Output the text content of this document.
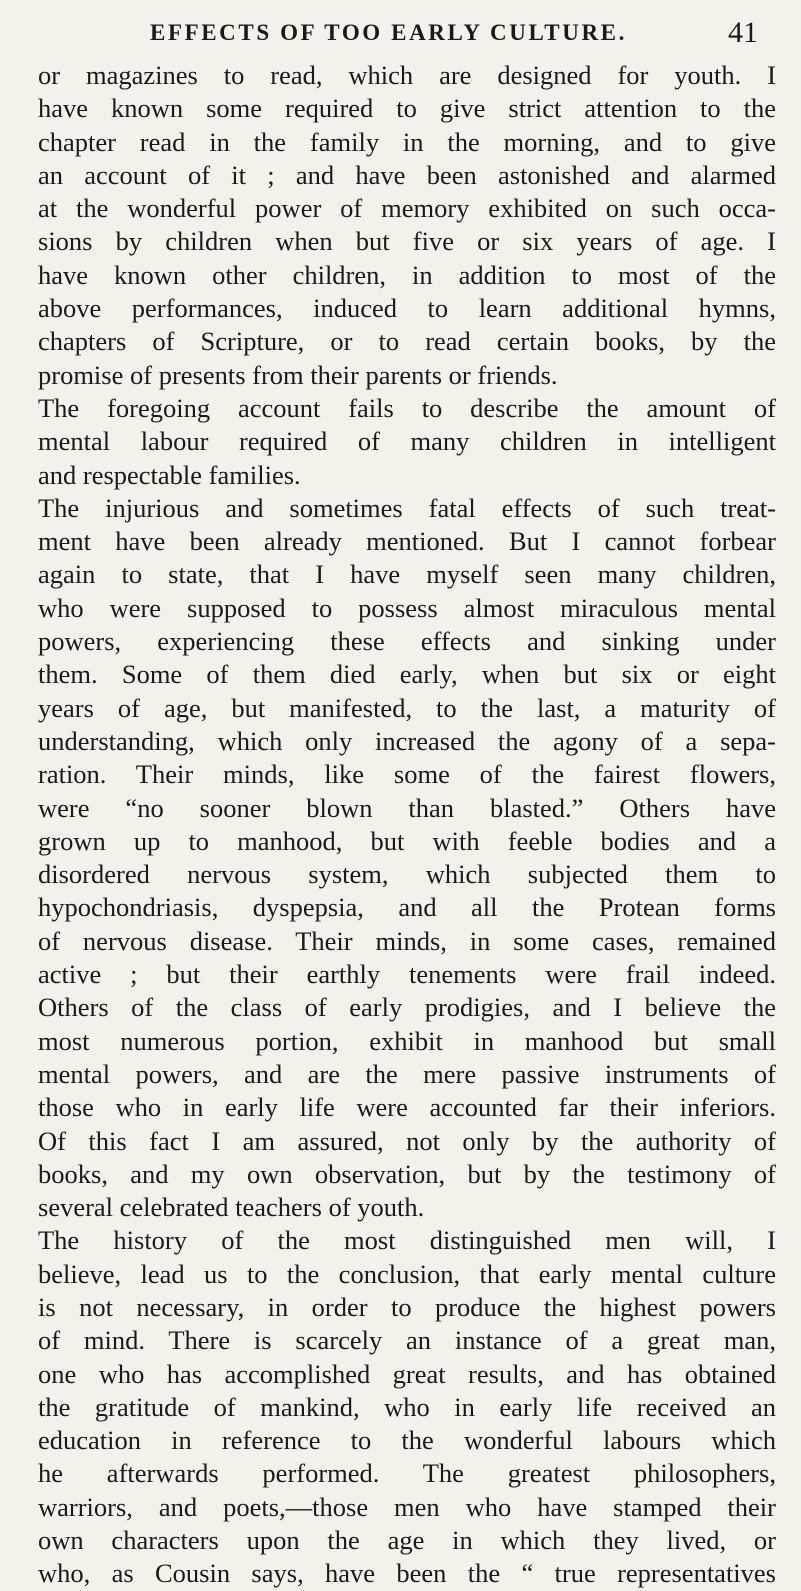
EFFECTS OF TOO EARLY CULTURE.	41
or magazines to read, which are designed for youth. I
have known some required to give strict attention to the
chapter read in the family in the morning, and to give
an account of it ; and have been astonished and alarmed
at the wonderful power of memory exhibited on such occa-
sions by children when but five or six years of age. I
have known other children, in addition to most of the
above performances, induced to learn additional hymns,
chapters of Scripture, or to read certain books, by the
promise of presents from their parents or friends.
The foregoing account fails to describe the amount of
mental labour required of many children in intelligent
and respectable families.
The injurious and sometimes fatal effects of such treat-
ment have been already mentioned. But I cannot forbear
again to state, that I have myself seen many children,
who were supposed to possess almost miraculous mental
powers, experiencing these effects and sinking under
them. Some of them died early, when but six or eight
years of age, but manifested, to the last, a maturity of
understanding, which only increased the agony of a sepa-
ration. Their minds, like some of the fairest flowers,
were “no sooner blown than blasted.” Others have
grown up to manhood, but with feeble bodies and a
disordered nervous system, which subjected them to
hypochondriasis, dyspepsia, and all the Protean forms
of nervous disease. Their minds, in some cases, remained
active ; but their earthly tenements were frail indeed.
Others of the class of early prodigies, and I believe the
most numerous portion, exhibit in manhood but small
mental powers, and are the mere passive instruments of
those who in early life were accounted far their inferiors.
Of this fact I am assured, not only by the authority of
books, and my own observation, but by the testimony of
several celebrated teachers of youth.
The history of the most distinguished men will, I
believe, lead us to the conclusion, that early mental culture
is not necessary, in order to produce the highest powers
of mind. There is scarcely an instance of a great man,
one who has accomplished great results, and has obtained
the gratitude of mankind, who in early life received an
education in reference to the wonderful labours which
he afterwards performed. The greatest philosophers,
warriors, and poets,—those men who have stamped their
own characters upon the age in which they lived, or
who, as Cousin says, have been the “ true representatives
